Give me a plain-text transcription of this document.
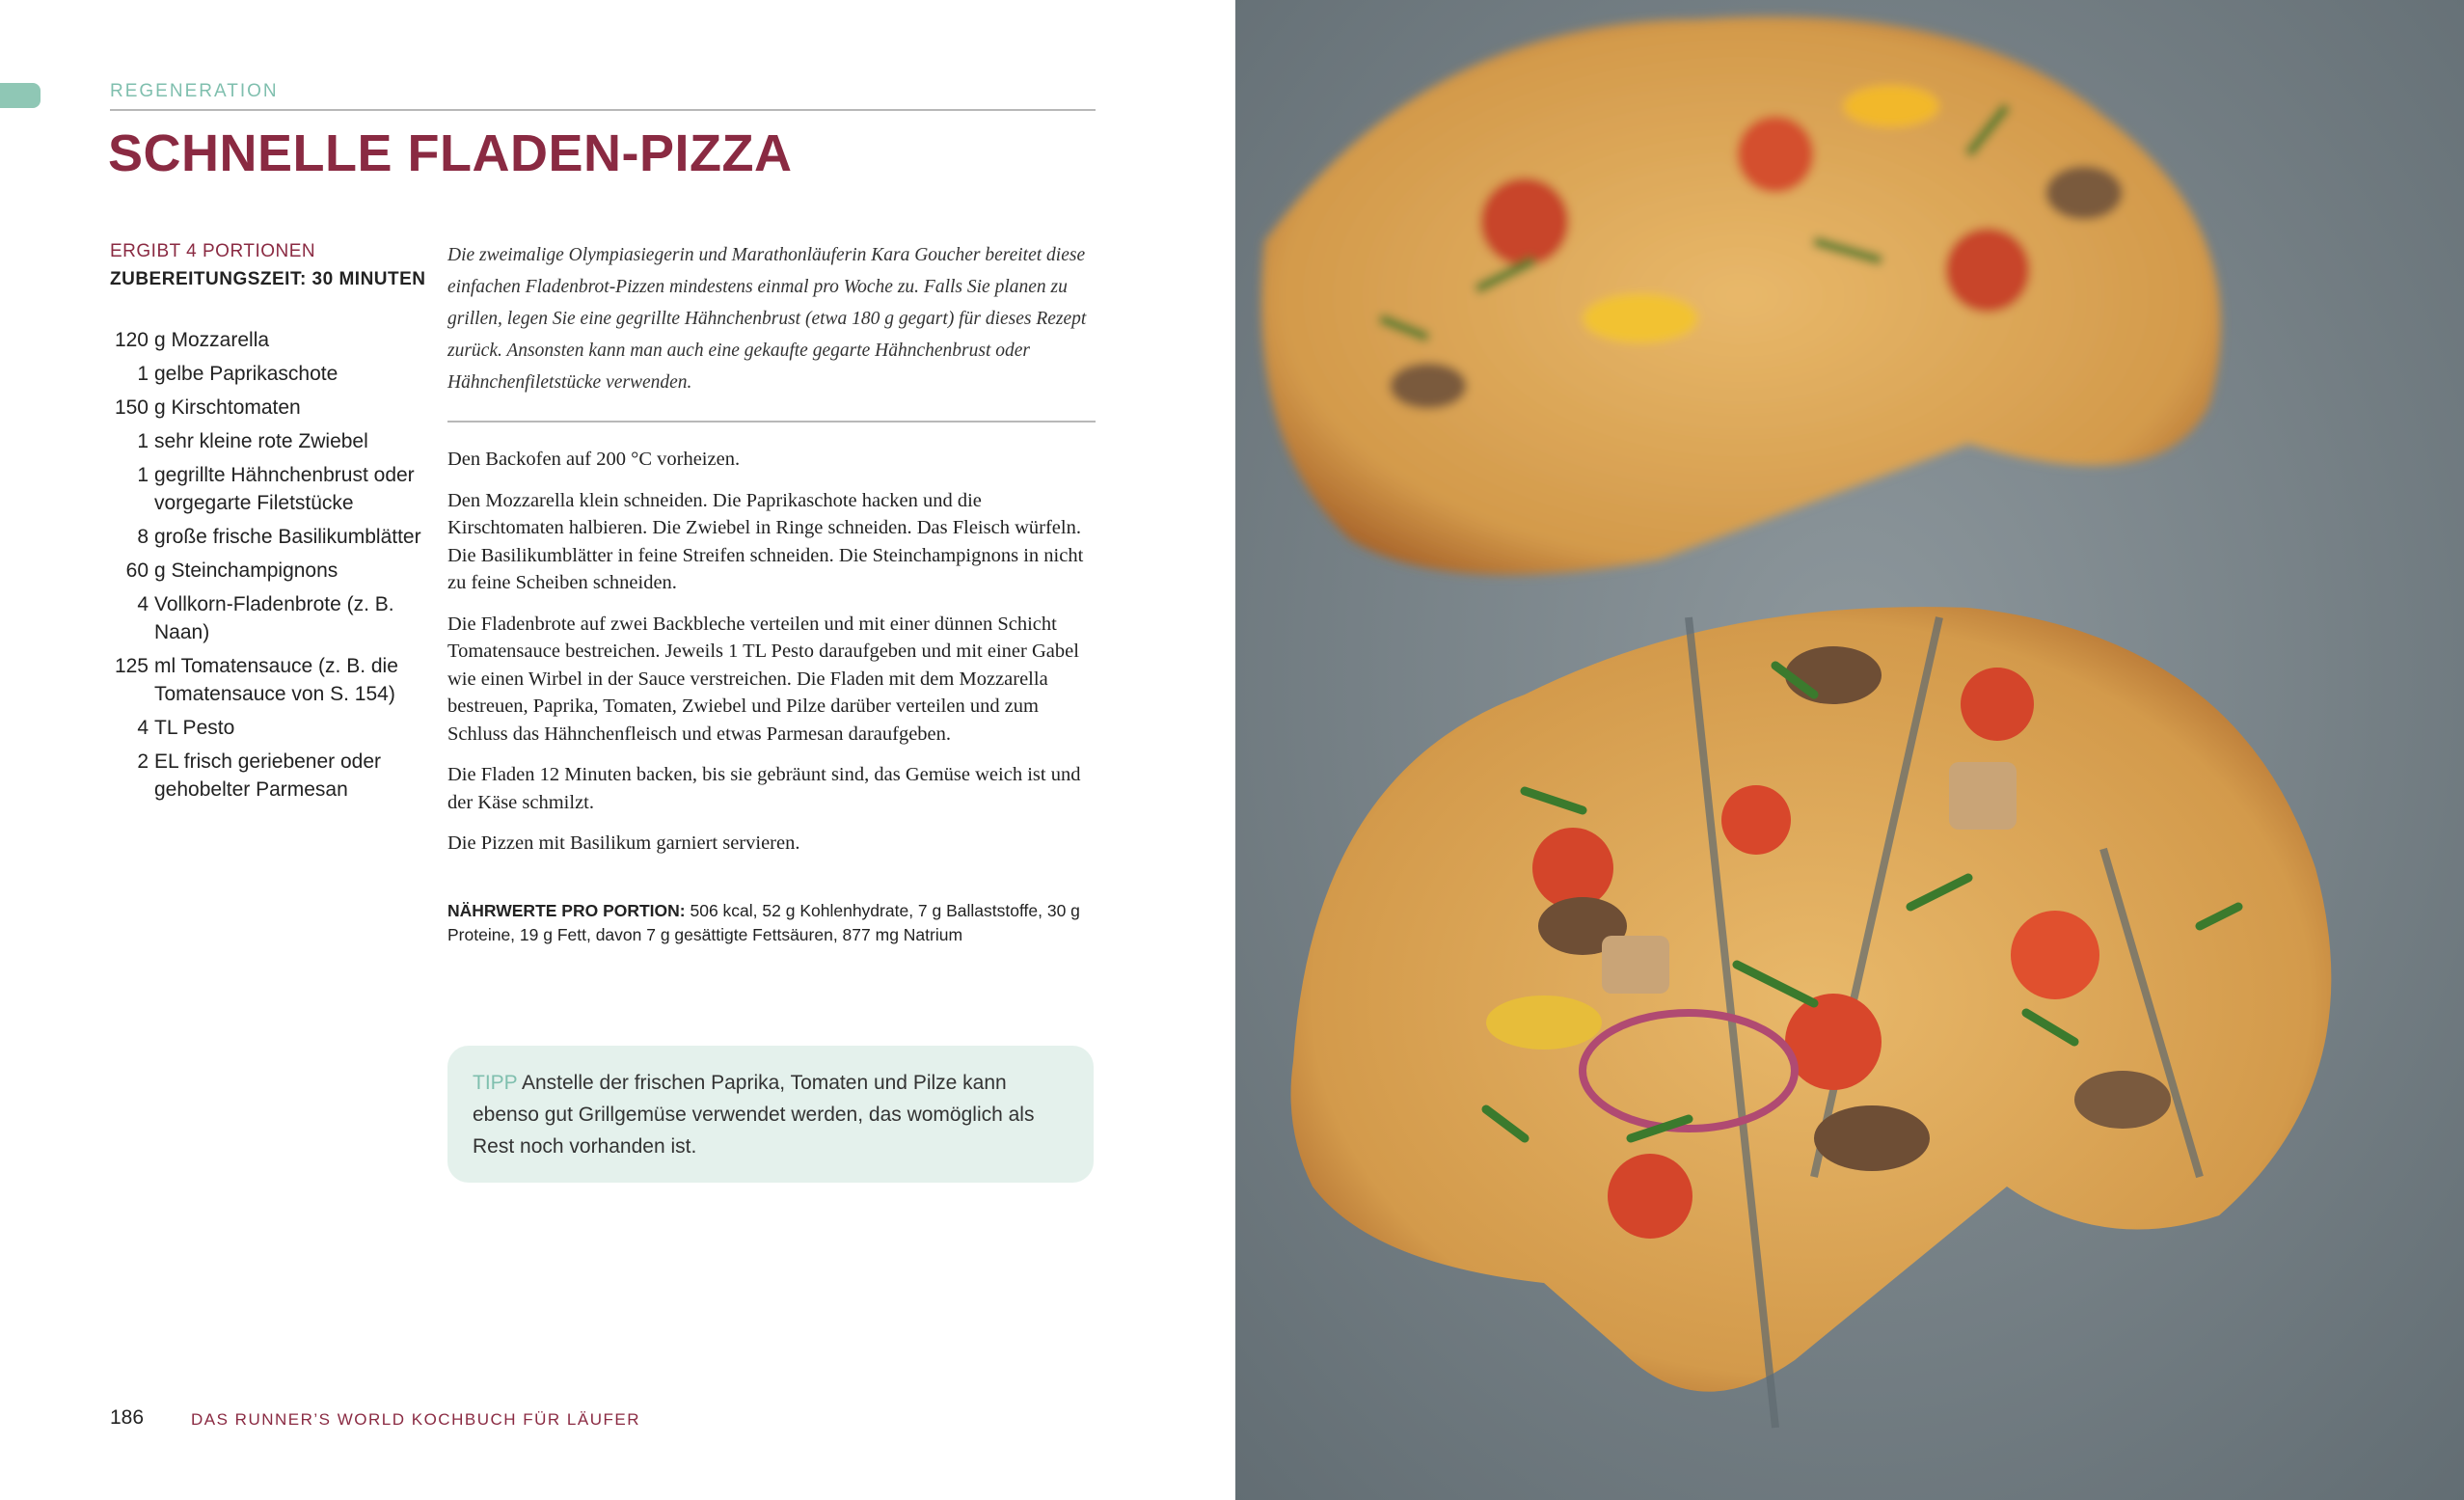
REGENERATION
SCHNELLE FLADEN-PIZZA
ERGIBT 4 PORTIONEN
ZUBEREITUNGSZEIT: 30 MINUTEN
120 g Mozzarella
1 gelbe Paprikaschote
150 g Kirschtomaten
1 sehr kleine rote Zwiebel
1 gegrillte Hähnchenbrust oder vorgegarte Filetstücke
8 große frische Basilikumblätter
60 g Steinchampignons
4 Vollkorn-Fladenbrote (z. B. Naan)
125 ml Tomatensauce (z. B. die Tomatensauce von S. 154)
4 TL Pesto
2 EL frisch geriebener oder gehobelter Parmesan
Die zweimalige Olympiasiegerin und Marathonläuferin Kara Goucher bereitet diese einfachen Fladenbrot-Pizzen mindestens einmal pro Woche zu. Falls Sie planen zu grillen, legen Sie eine gegrillte Hähnchenbrust (etwa 180 g gegart) für dieses Rezept zurück. Ansonsten kann man auch eine gekaufte gegarte Hähnchenbrust oder Hähnchenfiletstücke verwenden.

Den Backofen auf 200 °C vorheizen.

Den Mozzarella klein schneiden. Die Paprikaschote hacken und die Kirschtomaten halbieren. Die Zwiebel in Ringe schneiden. Das Fleisch würfeln. Die Basilikumblätter in feine Streifen schneiden. Die Steinchampignons in nicht zu feine Scheiben schneiden.

Die Fladenbrote auf zwei Backbleche verteilen und mit einer dünnen Schicht Tomatensauce bestreichen. Jeweils 1 TL Pesto daraufgeben und mit einer Gabel wie einen Wirbel in der Sauce verstreichen. Die Fladen mit dem Mozzarella bestreuen, Paprika, Tomaten, Zwiebel und Pilze darüber verteilen und zum Schluss das Hähnchenfleisch und etwas Parmesan daraufgeben.

Die Fladen 12 Minuten backen, bis sie gebräunt sind, das Gemüse weich ist und der Käse schmilzt.

Die Pizzen mit Basilikum garniert servieren.

NÄHRWERTE PRO PORTION: 506 kcal, 52 g Kohlenhydrate, 7 g Ballaststoffe, 30 g Proteine, 19 g Fett, davon 7 g gesättigte Fettsäuren, 877 mg Natrium
TIPP Anstelle der frischen Paprika, Tomaten und Pilze kann ebenso gut Grillgemüse verwendet werden, das womöglich als Rest noch vorhanden ist.
186	DAS RUNNER’S WORLD KOCHBUCH FÜR LÄUFER
